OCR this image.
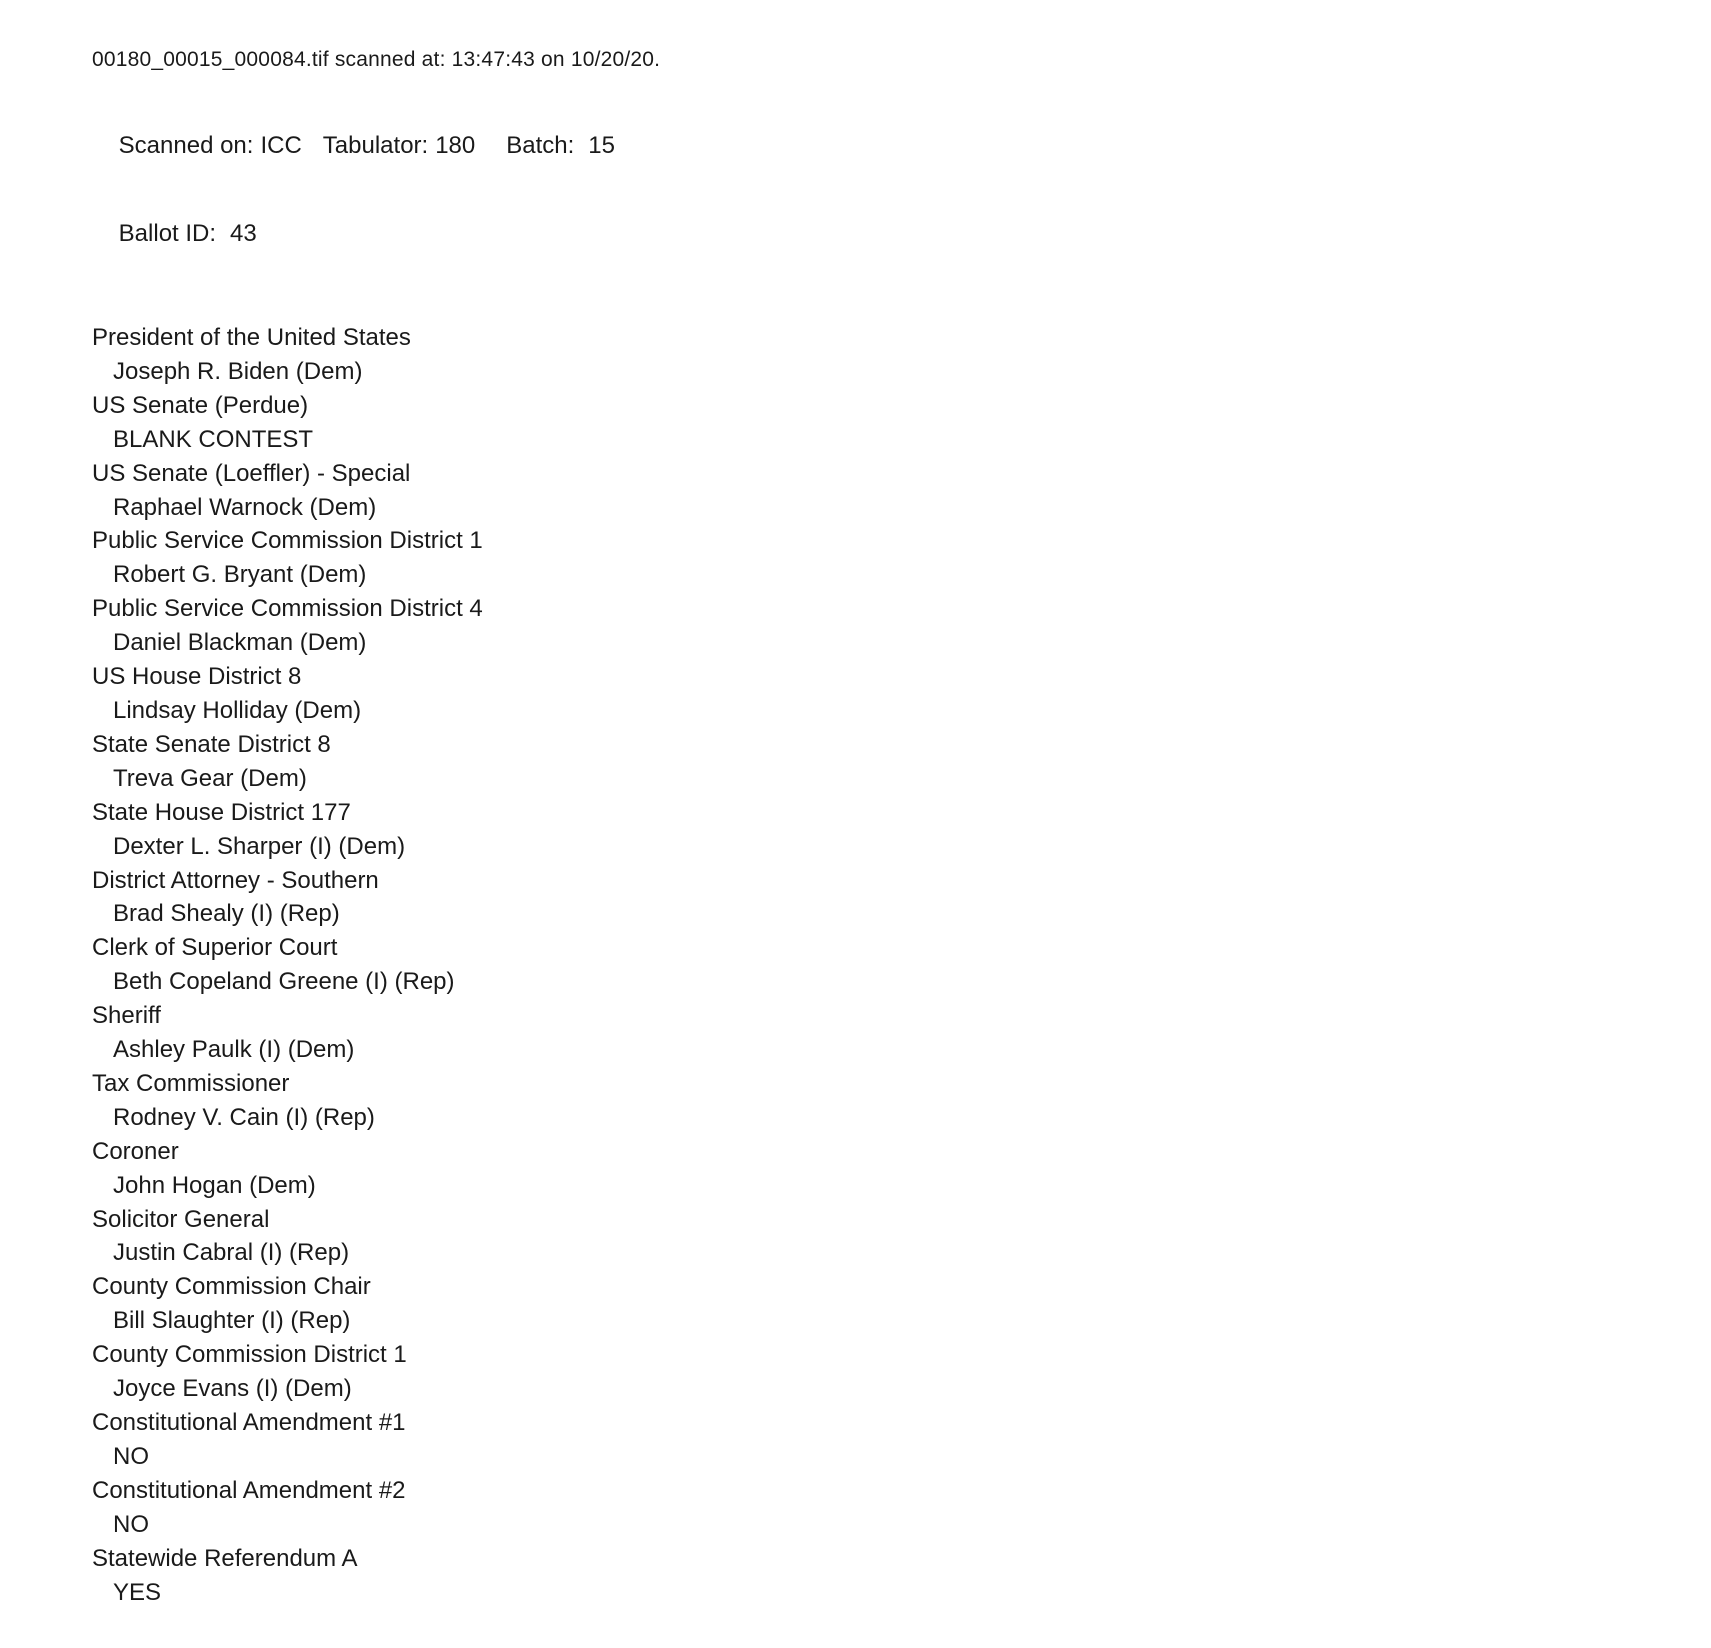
00180_00015_000084.tif scanned at: 13:47:43 on 10/20/20.

Scanned on: ICC Tabulator: 180 Batch: 15

Ballot ID: 43

President of the United States
Joseph R. Biden (Dem)
US Senate (Perdue)
BLANK CONTEST
US Senate (Loeffler) - Special
Raphael Warnock (Dem)
Public Service Commission District 1
Robert G. Bryant (Dem)
Public Service Commission District 4
Daniel Blackman (Dem)
US House District 8
Lindsay Holliday (Dem)
State Senate District 8
Treva Gear (Dem)
State House District 177
Dexter L. Sharper (I) (Dem)
District Attorney - Southern
Brad Shealy (I) (Rep)
Clerk of Superior Court
Beth Copeland Greene (I) (Rep)
Sheriff
Ashley Paulk (I) (Dem)
Tax Commissioner
Rodney V. Cain (I) (Rep)
Coroner
John Hogan (Dem)
Solicitor General
Justin Cabral (I) (Rep)
County Commission Chair
Bill Slaughter (I) (Rep)
County Commission District 1
Joyce Evans (I) (Dem)
Constitutional Amendment #1
NO
Constitutional Amendment #2
NO
Statewide Referendum A
YES
